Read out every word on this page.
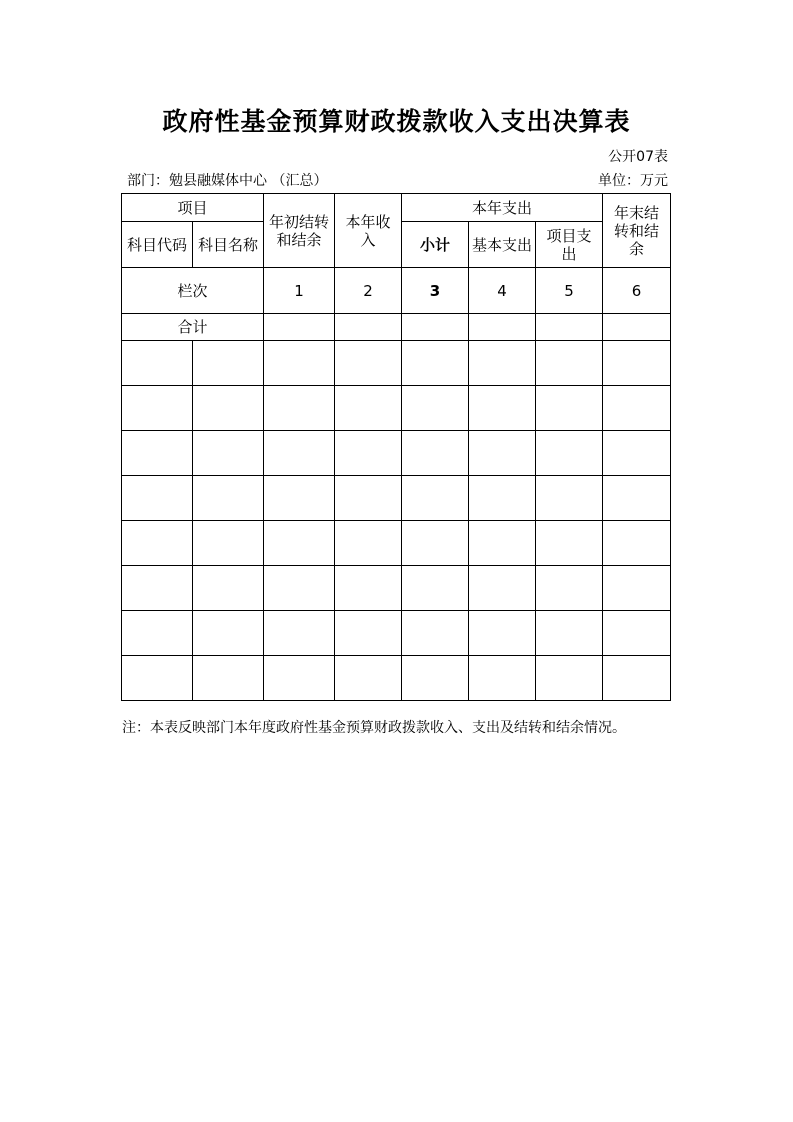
政府性基金预算财政拨款收入支出决算表
公开07表
部门：勉县融媒体中心 （汇总）	单位：万元
项目		年初结转和结余	本年收入	本年支出			年末结转和结余

科目代码	科目名称			小计	基本支出	项目支出	

栏次		1	2	3	4	5	6

合计							

注：本表反映部门本年度政府性基金预算财政拨款收入、支出及结转和结余情况。
